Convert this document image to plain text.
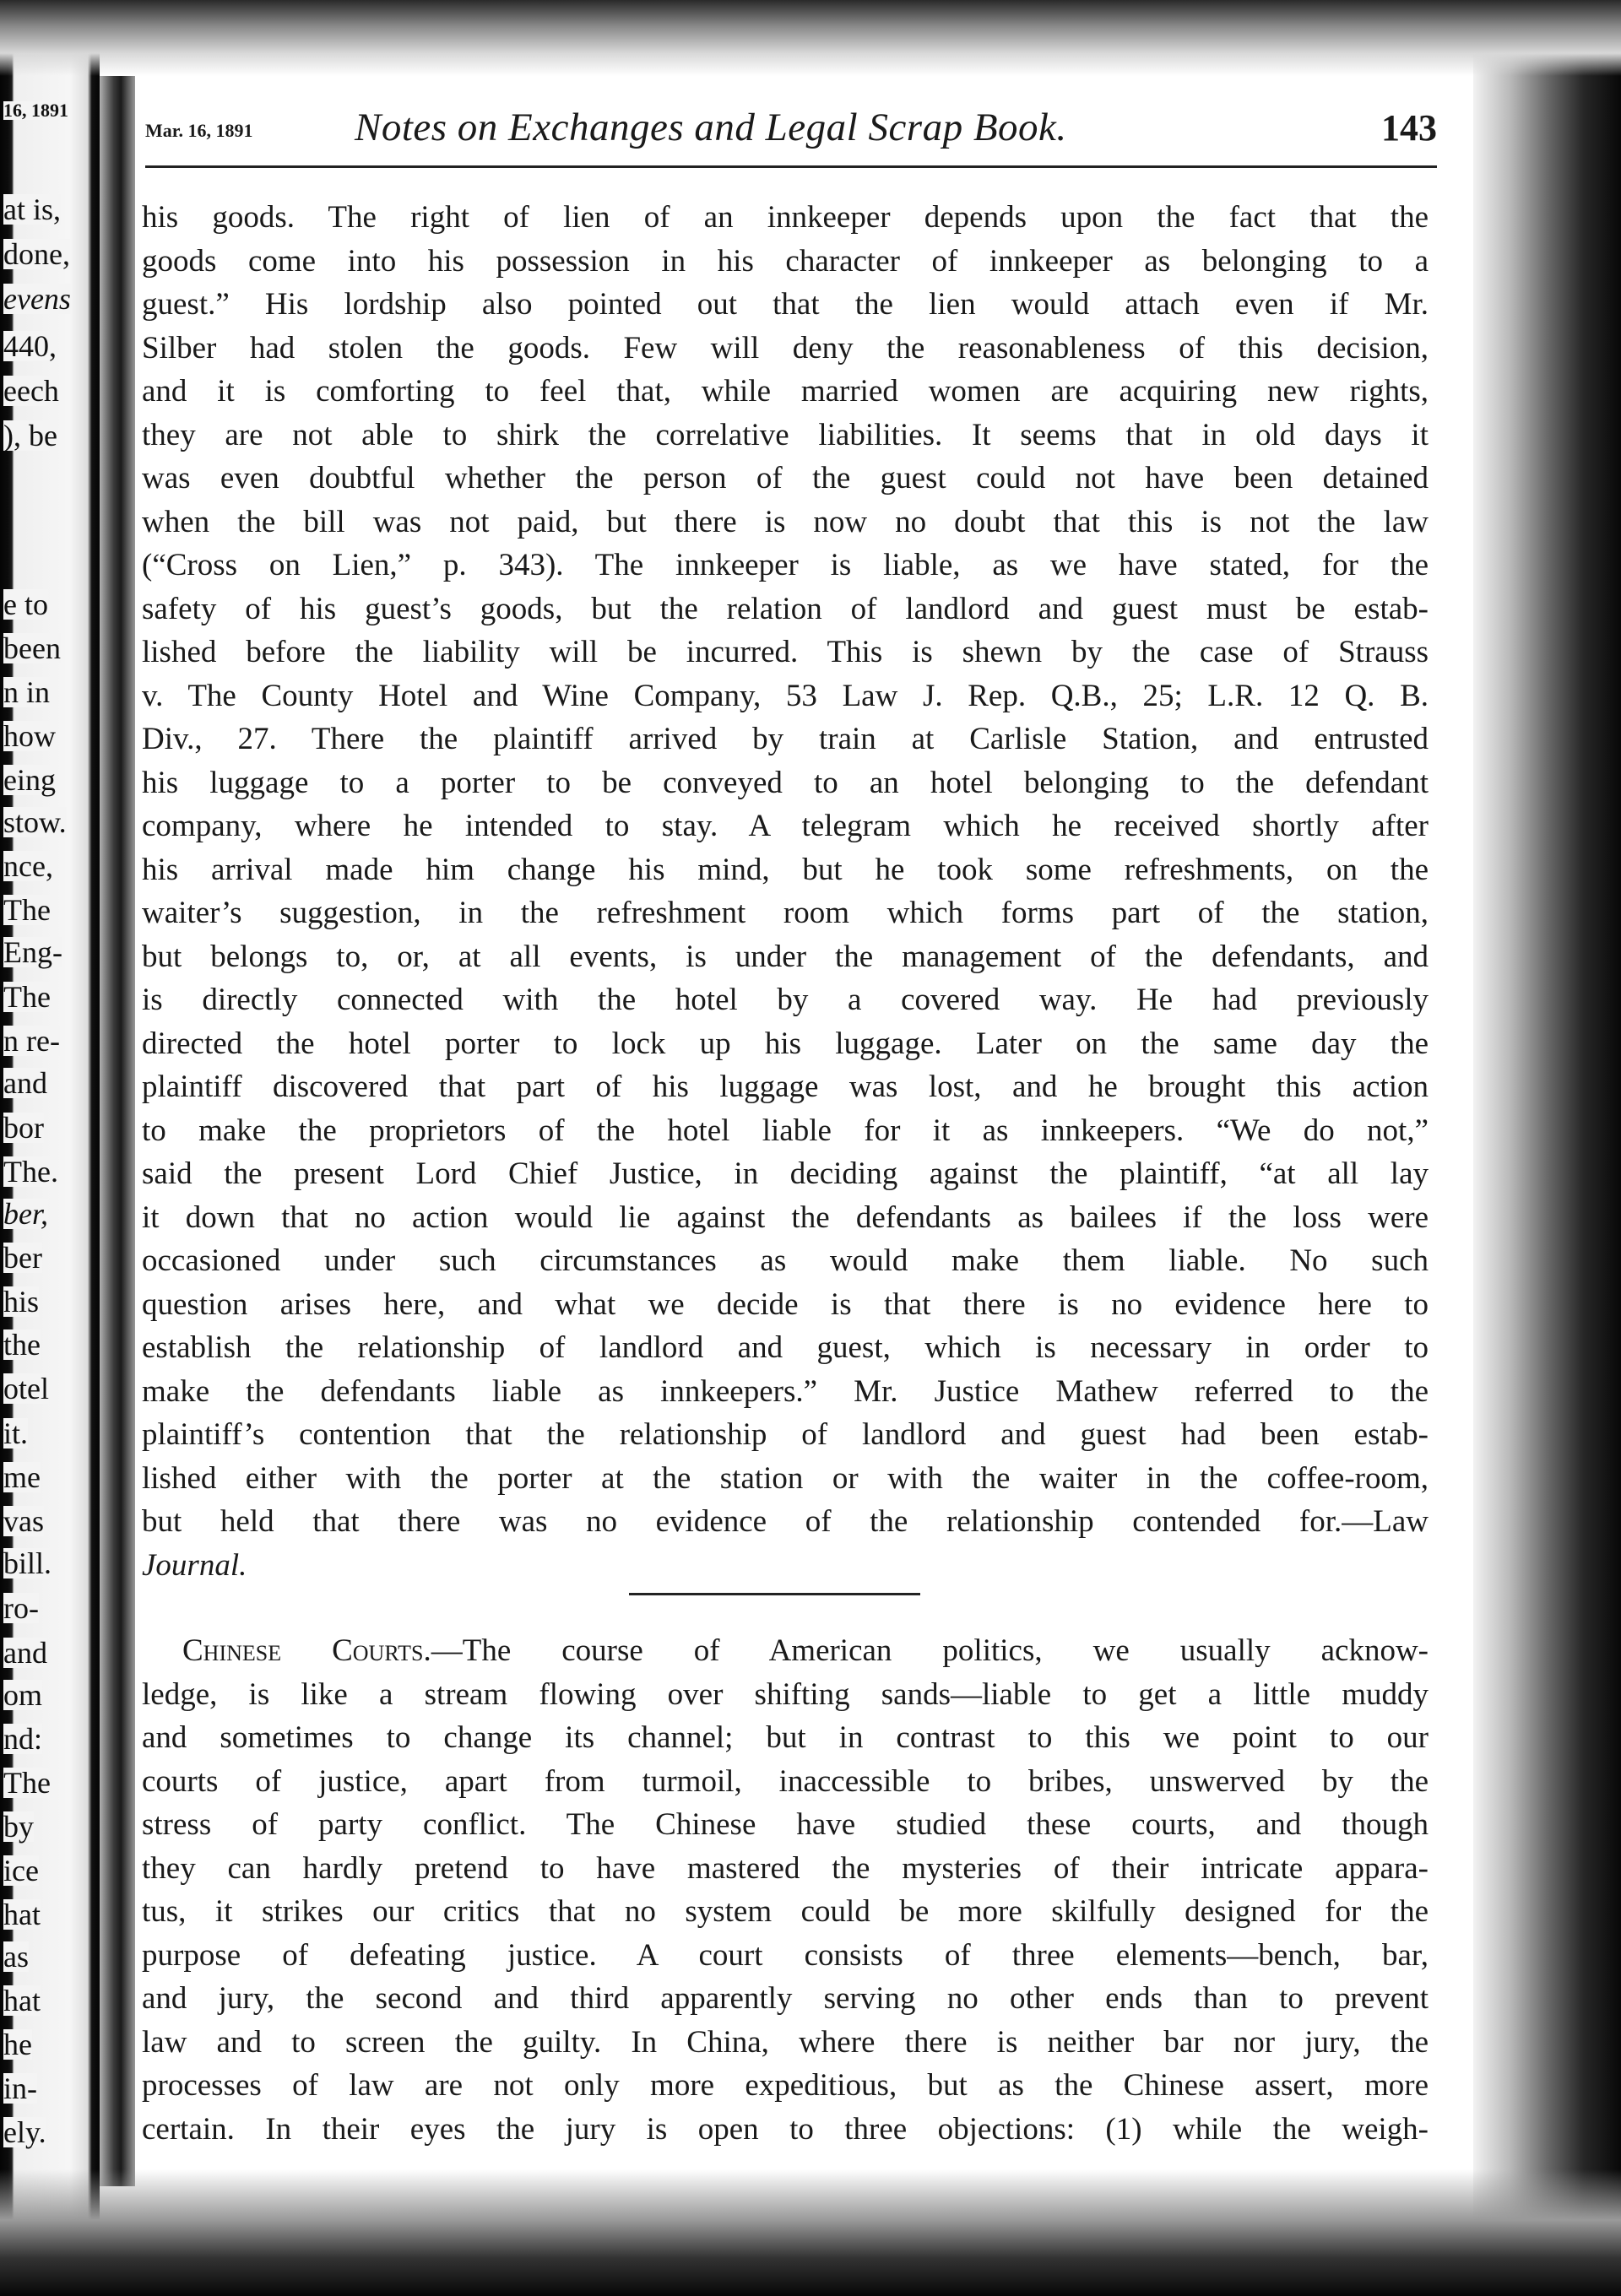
16, 1891
at is,
done,
evens
440,
eech
), be
e to
been
n in
how
eing
stow.
nce,
The
Eng-
The
n re-
and
bor
The.
ber,
ber
his
the
otel
it.
me
vas
bill.
ro-
and
om
nd:
The
by
ice
hat
as
hat
he
in-
ely.
Mar. 16, 1891	Notes on Exchanges and Legal Scrap Book.	143
his goods. The right of lien of an innkeeper depends upon the fact that the
goods come into his possession in his character of innkeeper as belonging to a
guest.” His lordship also pointed out that the lien would attach even if Mr.
Silber had stolen the goods. Few will deny the reasonableness of this decision,
and it is comforting to feel that, while married women are acquiring new rights,
they are not able to shirk the correlative liabilities. It seems that in old days it
was even doubtful whether the person of the guest could not have been detained
when the bill was not paid, but there is now no doubt that this is not the law
(“Cross on Lien,” p. 343). The innkeeper is liable, as we have stated, for the
safety of his guest’s goods, but the relation of landlord and guest must be estab-
lished before the liability will be incurred. This is shewn by the case of Strauss
v. The County Hotel and Wine Company, 53 Law J. Rep. Q.B., 25; L.R. 12 Q. B.
Div., 27. There the plaintiff arrived by train at Carlisle Station, and entrusted
his luggage to a porter to be conveyed to an hotel belonging to the defendant
company, where he intended to stay. A telegram which he received shortly after
his arrival made him change his mind, but he took some refreshments, on the
waiter’s suggestion, in the refreshment room which forms part of the station,
but belongs to, or, at all events, is under the management of the defendants, and
is directly connected with the hotel by a covered way. He had previously
directed the hotel porter to lock up his luggage. Later on the same day the
plaintiff discovered that part of his luggage was lost, and he brought this action
to make the proprietors of the hotel liable for it as innkeepers. “We do not,”
said the present Lord Chief Justice, in deciding against the plaintiff, “at all lay
it down that no action would lie against the defendants as bailees if the loss were
occasioned under such circumstances as would make them liable. No such
question arises here, and what we decide is that there is no evidence here to
establish the relationship of landlord and guest, which is necessary in order to
make the defendants liable as innkeepers.” Mr. Justice Mathew referred to the
plaintiff’s contention that the relationship of landlord and guest had been estab-
lished either with the porter at the station or with the waiter in the coffee-room,
but held that there was no evidence of the relationship contended for.—Law
Journal.
Chinese Courts.—The course of American politics, we usually acknow-
ledge, is like a stream flowing over shifting sands—liable to get a little muddy
and sometimes to change its channel; but in contrast to this we point to our
courts of justice, apart from turmoil, inaccessible to bribes, unswerved by the
stress of party conflict. The Chinese have studied these courts, and though
they can hardly pretend to have mastered the mysteries of their intricate appara-
tus, it strikes our critics that no system could be more skilfully designed for the
purpose of defeating justice. A court consists of three elements—bench, bar,
and jury, the second and third apparently serving no other ends than to prevent
law and to screen the guilty. In China, where there is neither bar nor jury, the
processes of law are not only more expeditious, but as the Chinese assert, more
certain. In their eyes the jury is open to three objections: (1) while the weigh-
